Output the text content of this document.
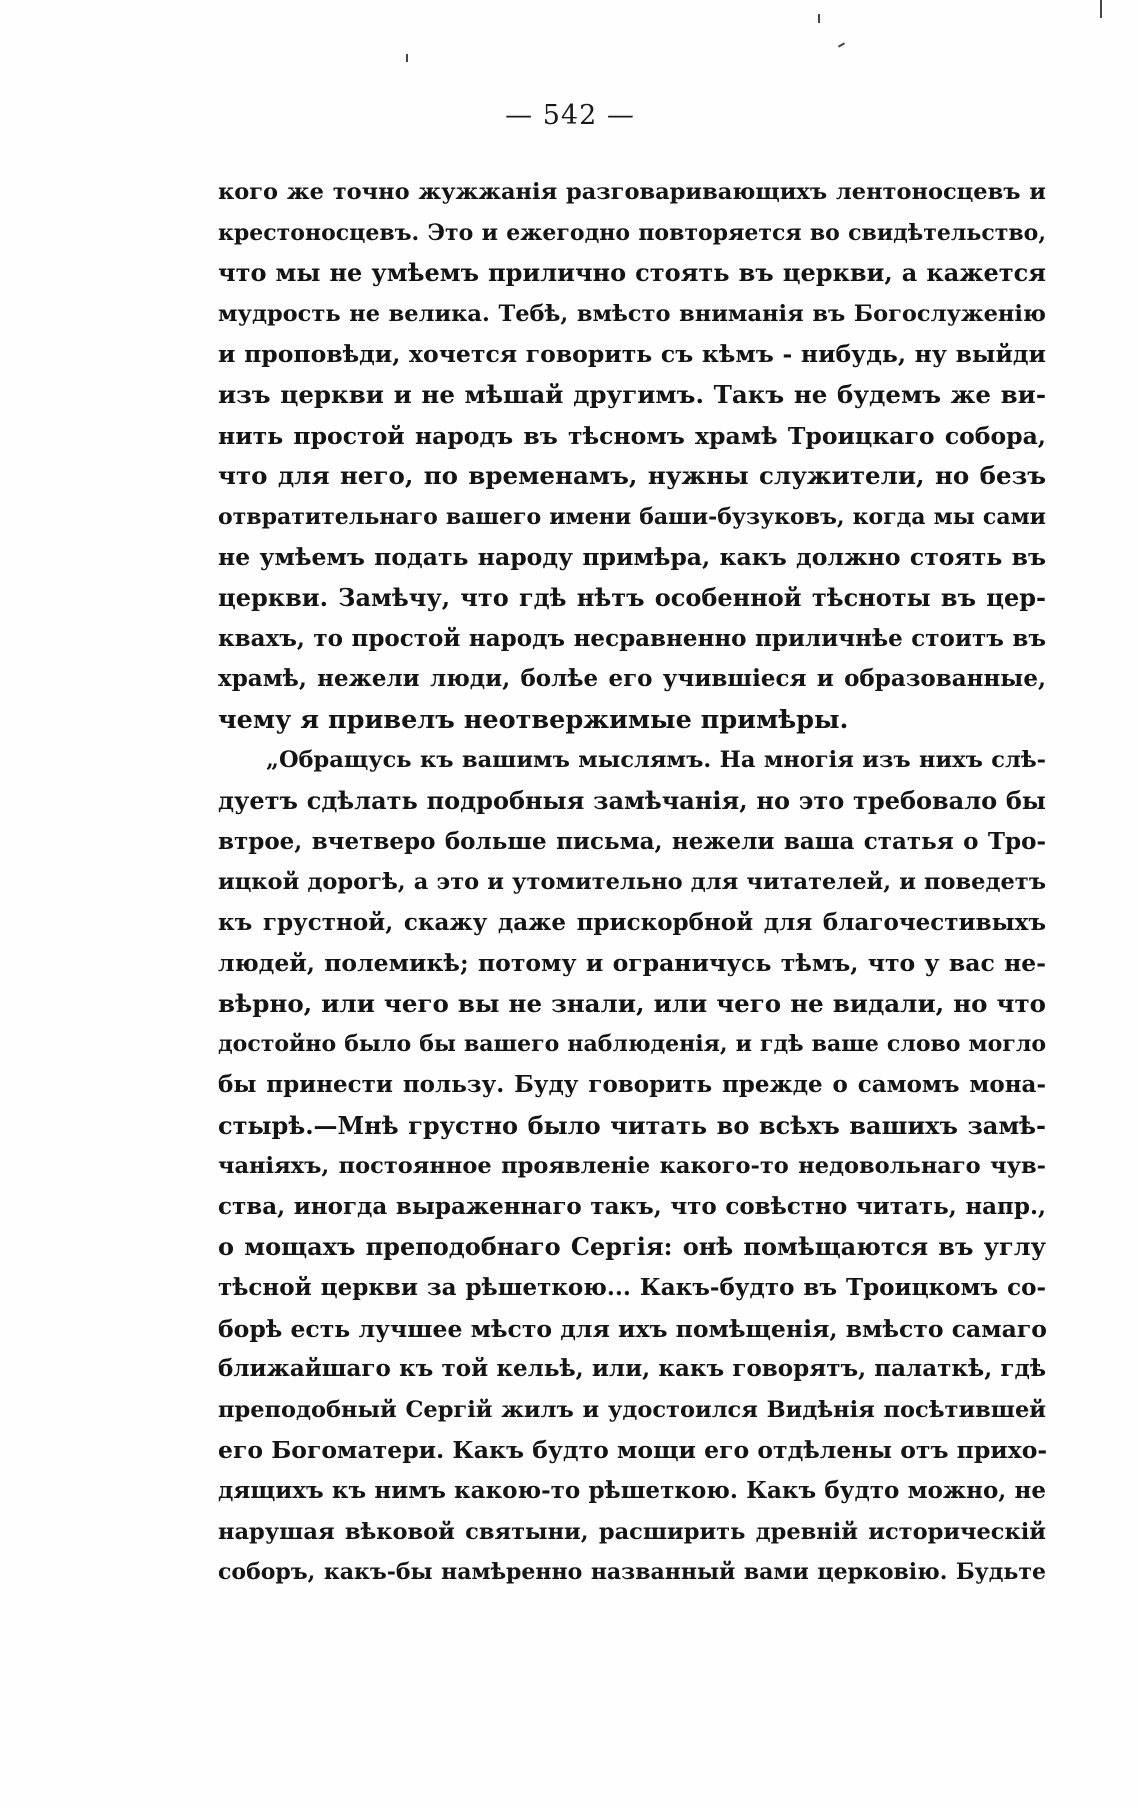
— 542 —
кого же точно жужжанія разговаривающихъ лентоносцевъ и
крестоносцевъ. Это и ежегодно повторяется во свидѣтельство,
что мы не умѣемъ прилично стоять въ церкви, а кажется
мудрость не велика. Тебѣ, вмѣсто вниманія въ Богослуженію
и проповѣди, хочется говорить съ кѣмъ - нибудь, ну выйди
изъ церкви и не мѣшай другимъ. Такъ не будемъ же ви-
нить простой народъ въ тѣсномъ храмѣ Троицкаго собора,
что для него, по временамъ, нужны служители, но безъ
отвратительнаго вашего имени баши-бузуковъ, когда мы сами
не умѣемъ подать народу примѣра, какъ должно стоять въ
церкви. Замѣчу, что гдѣ нѣтъ особенной тѣсноты въ цер-
квахъ, то простой народъ несравненно приличнѣе стоитъ въ
храмѣ, нежели люди, болѣе его учившіеся и образованные,
чему я привелъ неотвержимые примѣры.
„Обращусь къ вашимъ мыслямъ. На многія изъ нихъ слѣ-
дуетъ сдѣлать подробныя замѣчанія, но это требовало бы
втрое, вчетверо больше письма, нежели ваша статья о Тро-
ицкой дорогѣ, а это и утомительно для читателей, и поведетъ
къ грустной, скажу даже прискорбной для благочестивыхъ
людей, полемикѣ; потому и ограничусь тѣмъ, что у вас не-
вѣрно, или чего вы не знали, или чего не видали, но что
достойно было бы вашего наблюденія, и гдѣ ваше слово могло
бы принести пользу. Буду говорить прежде о самомъ мона-
стырѣ.—Мнѣ грустно было читать во всѣхъ вашихъ замѣ-
чаніяхъ, постоянное проявленіе какого-то недовольнаго чув-
ства, иногда выраженнаго такъ, что совѣстно читать, напр.,
о мощахъ преподобнаго Сергія: онѣ помѣщаются въ углу
тѣсной церкви за рѣшеткою... Какъ-будто въ Троицкомъ со-
борѣ есть лучшее мѣсто для ихъ помѣщенія, вмѣсто самаго
ближайшаго къ той кельѣ, или, какъ говорятъ, палаткѣ, гдѣ
преподобный Сергій жилъ и удостоился Видѣнія посѣтившей
его Богоматери. Какъ будто мощи его отдѣлены отъ прихо-
дящихъ къ нимъ какою-то рѣшеткою. Какъ будто можно, не
нарушая вѣковой святыни, расширить древній историческій
соборъ, какъ-бы намѣренно названный вами церковію. Будьте
